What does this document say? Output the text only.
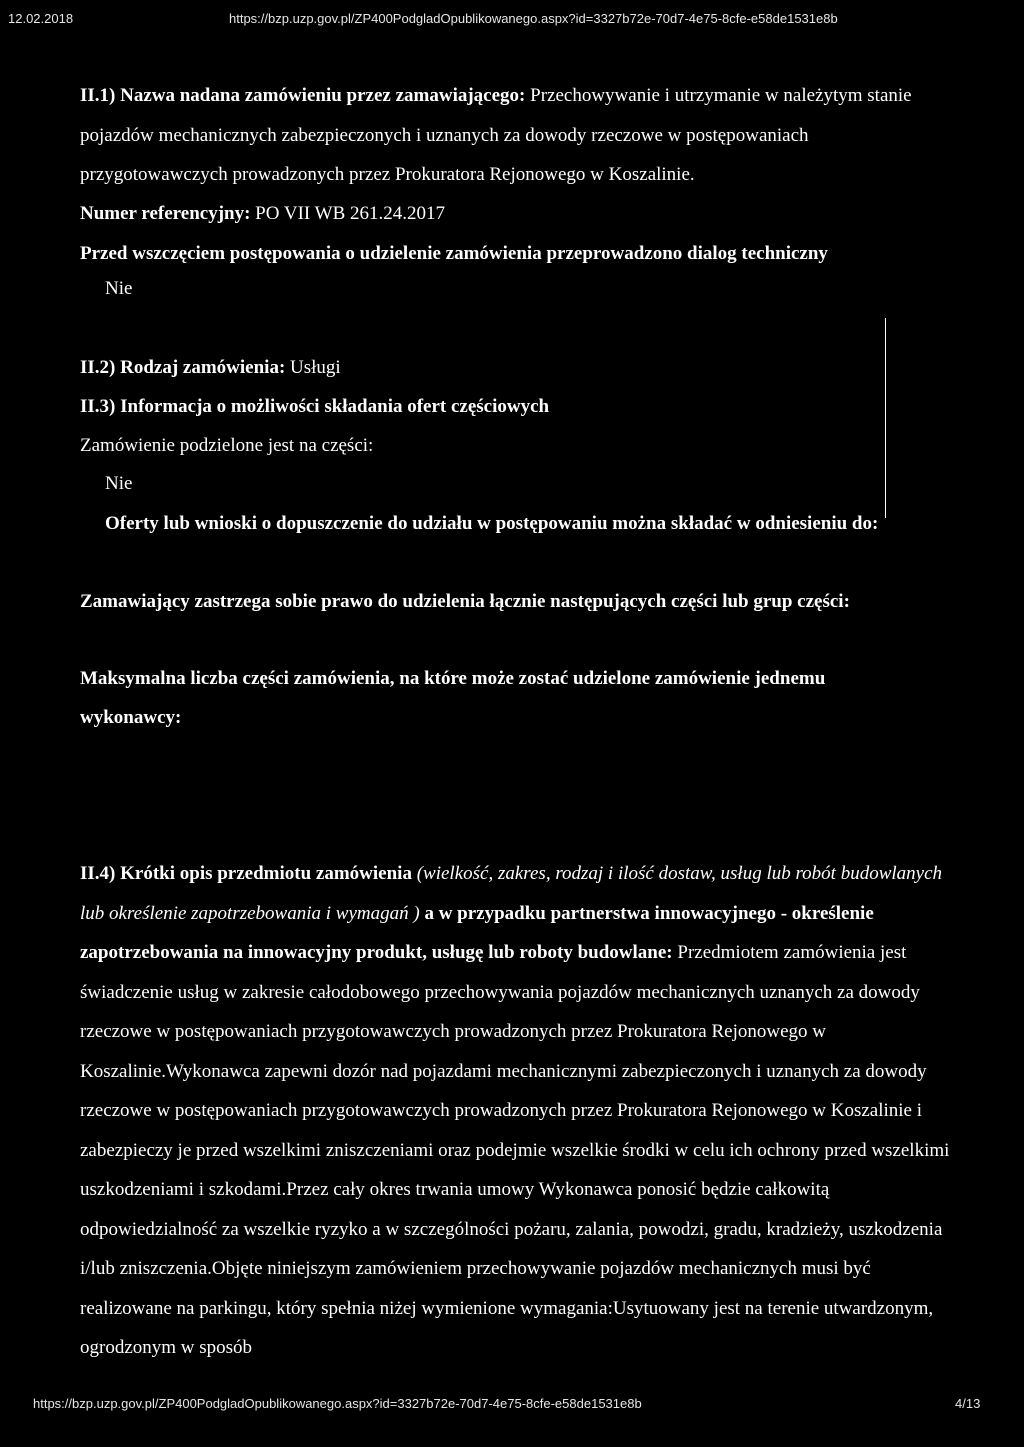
12.02.2018	https://bzp.uzp.gov.pl/ZP400PodgladOpublikowanego.aspx?id=3327b72e-70d7-4e75-8cfe-e58de1531e8b
II.1) Nazwa nadana zamówieniu przez zamawiającego: Przechowywanie i utrzymanie w należytym stanie pojazdów mechanicznych zabezpieczonych i uznanych za dowody rzeczowe w postępowaniach przygotowawczych prowadzonych przez Prokuratora Rejonowego w Koszalinie.
Numer referencyjny: PO VII WB 261.24.2017
Przed wszczęciem postępowania o udzielenie zamówienia przeprowadzono dialog techniczny
Nie
II.2) Rodzaj zamówienia: Usługi
II.3) Informacja o możliwości składania ofert częściowych
Zamówienie podzielone jest na części:
Nie
Oferty lub wnioski o dopuszczenie do udziału w postępowaniu można składać w odniesieniu do:
Zamawiający zastrzega sobie prawo do udzielenia łącznie następujących części lub grup części:
Maksymalna liczba części zamówienia, na które może zostać udzielone zamówienie jednemu
wykonawcy:
II.4) Krótki opis przedmiotu zamówienia (wielkość, zakres, rodzaj i ilość dostaw, usług lub robót budowlanych lub określenie zapotrzebowania i wymagań ) a w przypadku partnerstwa innowacyjnego - określenie zapotrzebowania na innowacyjny produkt, usługę lub roboty budowlane: Przedmiotem zamówienia jest świadczenie usług w zakresie całodobowego przechowywania pojazdów mechanicznych uznanych za dowody rzeczowe w postępowaniach przygotowawczych prowadzonych przez Prokuratora Rejonowego w Koszalinie.Wykonawca zapewni dozór nad pojazdami mechanicznymi zabezpieczonych i uznanych za dowody rzeczowe w postępowaniach przygotowawczych prowadzonych przez Prokuratora Rejonowego w Koszalinie i zabezpieczy je przed wszelkimi zniszczeniami oraz podejmie wszelkie środki w celu ich ochrony przed wszelkimi uszkodzeniami i szkodami.Przez cały okres trwania umowy Wykonawca ponosić będzie całkowitą odpowiedzialność za wszelkie ryzyko a w szczególności pożaru, zalania, powodzi, gradu, kradzieży, uszkodzenia i/lub zniszczenia.Objęte niniejszym zamówieniem przechowywanie pojazdów mechanicznych musi być realizowane na parkingu, który spełnia niżej wymienione wymagania:Usytuowany jest na terenie utwardzonym, ogrodzonym w sposób
https://bzp.uzp.gov.pl/ZP400PodgladOpublikowanego.aspx?id=3327b72e-70d7-4e75-8cfe-e58de1531e8b	4/13
